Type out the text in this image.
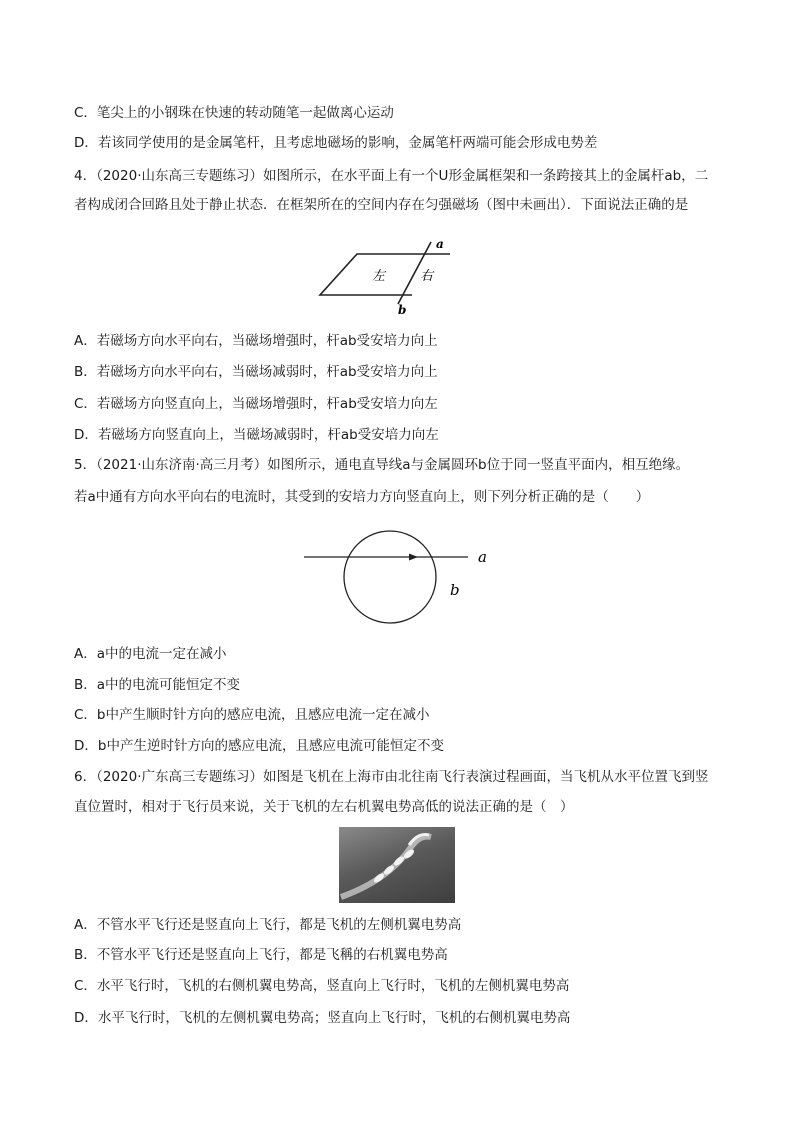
C．笔尖上的小钢珠在快速的转动随笔一起做离心运动
D．若该同学使用的是金属笔杆，且考虑地磁场的影响，金属笔杆两端可能会形成电势差
4．（2020·山东高三专题练习）如图所示，在水平面上有一个U形金属框架和一条跨接其上的金属杆ab，二
者构成闭合回路且处于静止状态．在框架所在的空间内存在匀强磁场（图中未画出）．下面说法正确的是
左	右
a
b
A．若磁场方向水平向右，当磁场增强时，杆ab受安培力向上
B．若磁场方向水平向右，当磁场减弱时，杆ab受安培力向上
C．若磁场方向竖直向上，当磁场增强时，杆ab受安培力向左
D．若磁场方向竖直向上，当磁场减弱时，杆ab受安培力向左
5．（2021·山东济南·高三月考）如图所示，通电直导线a与金属圆环b位于同一竖直平面内，相互绝缘。
若a中通有方向水平向右的电流时，其受到的安培力方向竖直向上，则下列分析正确的是（　　）
a
b
A．a中的电流一定在减小
B．a中的电流可能恒定不变
C．b中产生顺时针方向的感应电流，且感应电流一定在减小
D．b中产生逆时针方向的感应电流，且感应电流可能恒定不变
6．（2020·广东高三专题练习）如图是飞机在上海市由北往南飞行表演过程画面，当飞机从水平位置飞到竖
直位置时，相对于飞行员来说，关于飞机的左右机翼电势高低的说法正确的是（　）
A．不管水平飞行还是竖直向上飞行，都是飞机的左侧机翼电势高
B．不管水平飞行还是竖直向上飞行，都是飞稱的右机翼电势高
C．水平飞行时，飞机的右侧机翼电势高，竖直向上飞行时，飞机的左侧机翼电势高
D．水平飞行时，飞机的左侧机翼电势高；竖直向上飞行时，飞机的右侧机翼电势高
